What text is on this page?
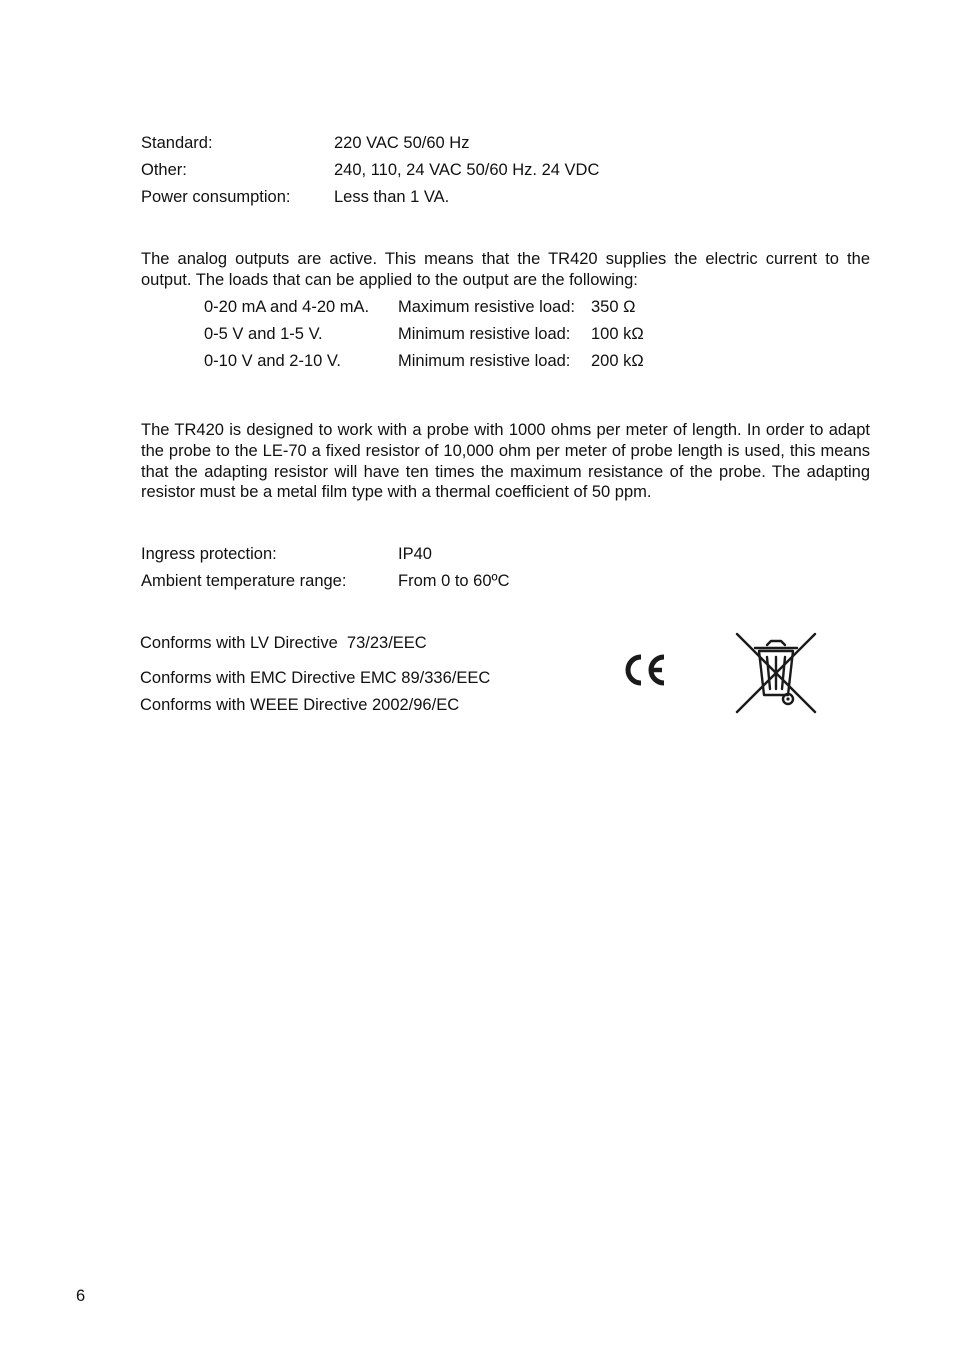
Standard:	220 VAC 50/60 Hz
Other:	240, 110, 24 VAC 50/60 Hz. 24 VDC
Power consumption:	Less than 1 VA.
The analog outputs are active. This means that the TR420 supplies the electric current to the output. The loads that can be applied to the output are the following:
0-20 mA and 4-20 mA. Maximum resistive load: 350 Ω
0-5 V and 1-5 V.	Minimum resistive load: 100 kΩ
0-10 V and 2-10 V.	Minimum resistive load: 200 kΩ
The TR420 is designed to work with a probe with 1000 ohms per meter of length. In order to adapt the probe to the LE-70 a fixed resistor of 10,000 ohm per meter of probe length is used, this means that the adapting resistor will have ten times the maximum resistance of the probe. The adapting resistor must be a metal film type with a thermal coefficient of 50 ppm.
Ingress protection:	IP40
Ambient temperature range:	From 0 to 60ºC
Conforms with LV Directive  73/23/EEC
Conforms with EMC Directive EMC 89/336/EEC
Conforms with WEEE Directive 2002/96/EC
6
